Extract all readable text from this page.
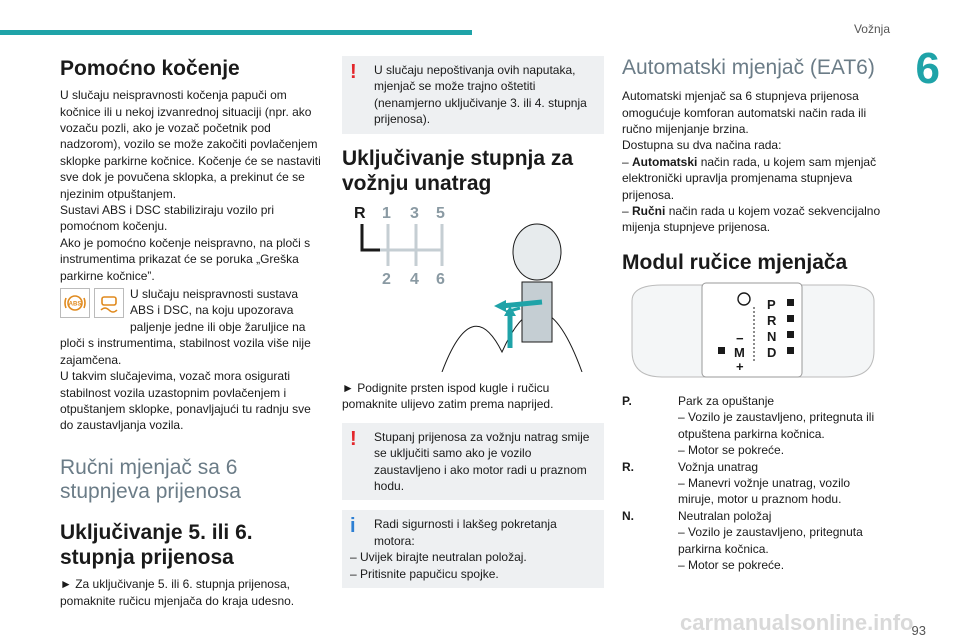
Vožnja
6
93
Pomoćno kočenje

U slučaju neispravnosti kočenja papuči om kočnice ili u nekoj izvanrednoj situaciji (npr. ako vozaču pozli, ako je vozač početnik pod nadzorom), vozilo se može zakočiti povlačenjem sklopke parkirne kočnice. Kočenje će se nastaviti sve dok je povučena sklopka, a prekinut će se njezinim otpuštanjem.

Sustavi ABS i DSC stabiliziraju vozilo pri pomoćnom kočenju.

Ako je pomoćno kočenje neispravno, na ploči s instrumentima prikazat će se poruka „Greška parkirne kočnice”.

ABS

U slučaju neispravnosti sustava ABS i DSC, na koju upozorava paljenje jedne ili obje žaruljice na ploči s instrumentima, stabilnost vozila više nije zajamčena.

U takvim slučajevima, vozač mora osigurati stabilnost vozila uzastopnim povlačenjem i otpuštanjem sklopke, ponavljajući tu radnju sve do zaustavljanja vozila.

Ručni mjenjač sa 6 stupnjeva prijenosa
Uključivanje 5. ili 6. stupnja prijenosa

► Za uključivanje 5. ili 6. stupnja prijenosa, pomaknite ručicu mjenjača do kraja udesno.

!	U slučaju nepoštivanja ovih naputaka, mjenjač se može trajno oštetiti (nenamjerno uključivanje 3. ili 4. stupnja prijenosa).

Uključivanje stupnja za vožnju unatrag
R 1 3 5
2 4 6

► Podignite prsten ispod kugle i ručicu pomaknite ulijevo zatim prema naprijed.

!	Stupanj prijenosa za vožnju natrag smije se uključiti samo ako je vozilo zaustavljeno i ako motor radi u praznom hodu.

i	Radi sigurnosti i lakšeg pokretanja motora:

– Uvijek birajte neutralan položaj.

– Pritisnite papučicu spojke.

Automatski mjenjač (EAT6)

Automatski mjenjač sa 6 stupnjeva prijenosa omogućuje komforan automatski način rada ili ručno mijenjanje brzina.

Dostupna su dva načina rada:

– Automatski način rada, u kojem sam mjenjač elektronički upravlja promjenama stupnjeva prijenosa.

– Ručni način rada u kojem vozač sekvencijalno mijenja stupnjeve prijenosa.

Modul ručice mjenjača
P
R
N
D
M
−
+
P.	Park za opuštanje
– Vozilo je zaustavljeno, pritegnuta ili otpuštena parkirna kočnica.
– Motor se pokreće.
R.	Vožnja unatrag
– Manevri vožnje unatrag, vozilo miruje, motor u praznom hodu.
N.	Neutralan položaj
– Vozilo je zaustavljeno, pritegnuta parkirna kočnica.
– Motor se pokreće.
carmanualsonline.info
